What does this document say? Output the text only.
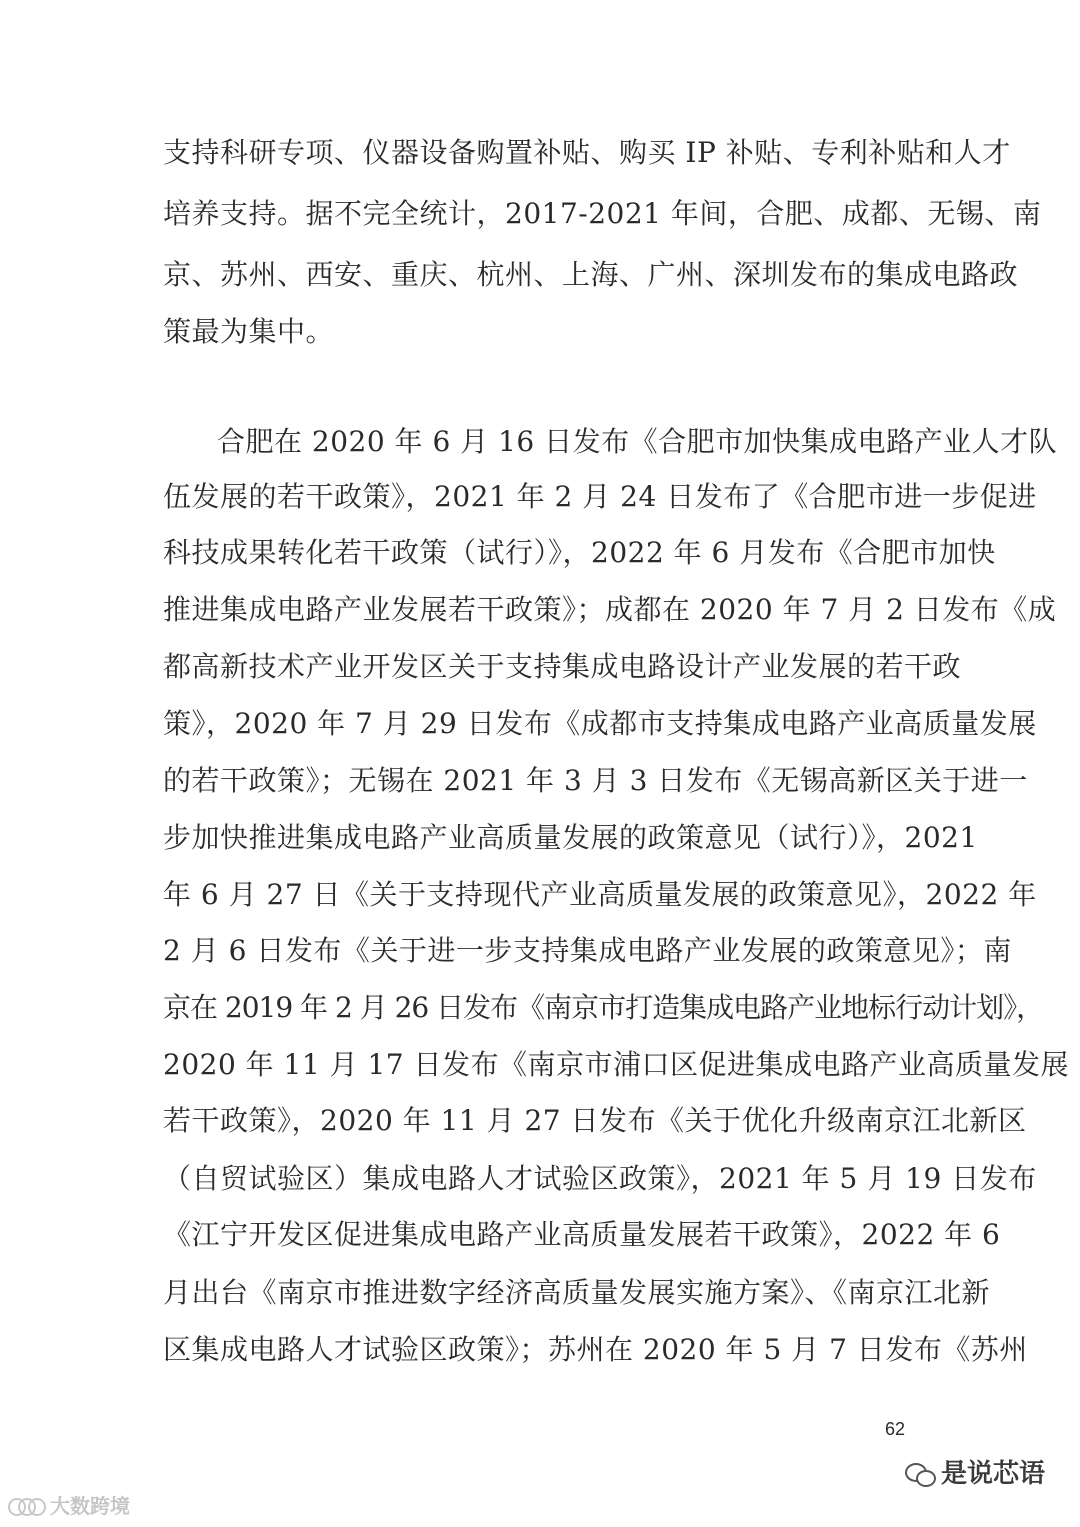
支持科研专项、仪器设备购置补贴、购买 IP 补贴、专利补贴和人才
培养支持。据不完全统计，2017-2021 年间，合肥、成都、无锡、南
京、苏州、西安、重庆、杭州、上海、广州、深圳发布的集成电路政
策最为集中。
合肥在 2020 年 6 月 16 日发布《合肥市加快集成电路产业人才队
伍发展的若干政策》，2021 年 2 月 24 日发布了《合肥市进一步促进
科技成果转化若干政策（试行）》，2022 年 6 月发布《合肥市加快
推进集成电路产业发展若干政策》；成都在 2020 年 7 月 2 日发布《成
都高新技术产业开发区关于支持集成电路设计产业发展的若干政
策》，2020 年 7 月 29 日发布《成都市支持集成电路产业高质量发展
的若干政策》；无锡在 2021 年 3 月 3 日发布《无锡高新区关于进一
步加快推进集成电路产业高质量发展的政策意见（试行）》，2021
年 6 月 27 日《关于支持现代产业高质量发展的政策意见》，2022 年
2 月 6 日发布《关于进一步支持集成电路产业发展的政策意见》；南
京在 2019 年 2 月 26 日发布《南京市打造集成电路产业地标行动计划》，
2020 年 11 月 17 日发布《南京市浦口区促进集成电路产业高质量发展
若干政策》，2020 年 11 月 27 日发布《关于优化升级南京江北新区
（自贸试验区）集成电路人才试验区政策》，2021 年 5 月 19 日发布
《江宁开发区促进集成电路产业高质量发展若干政策》，2022 年 6
月出台《南京市推进数字经济高质量发展实施方案》、《南京江北新
区集成电路人才试验区政策》；苏州在 2020 年 5 月 7 日发布《苏州
62
是说芯语
大数跨境
